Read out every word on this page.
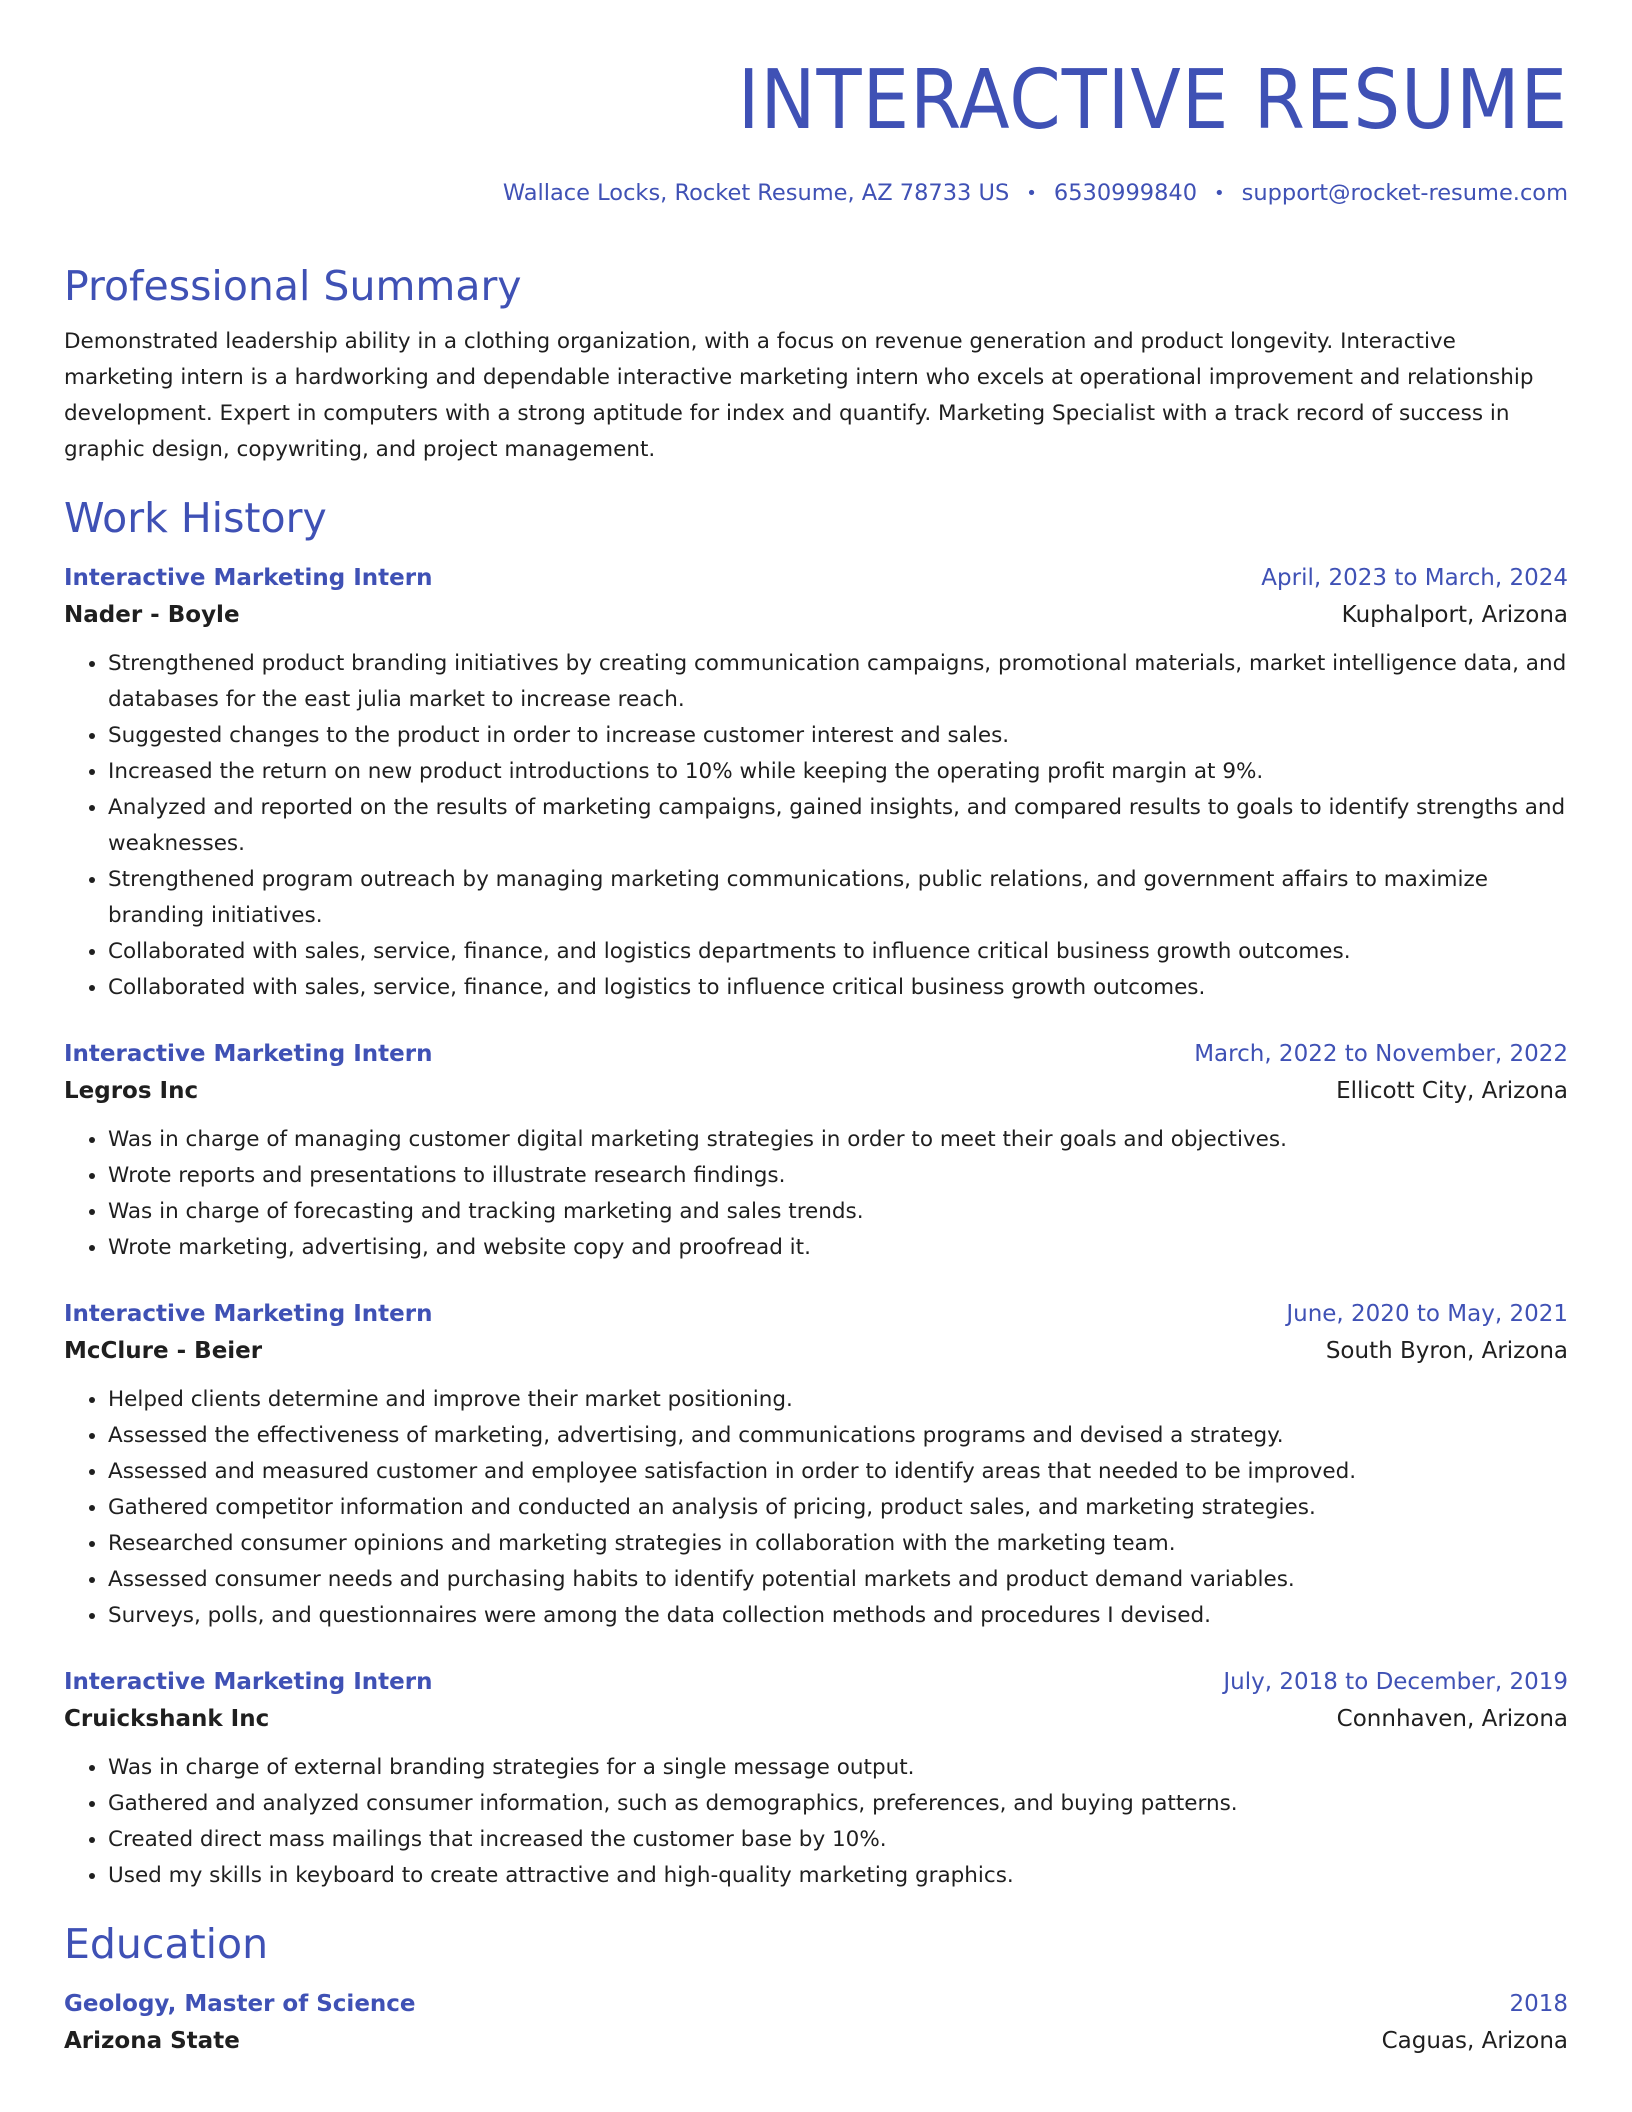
INTERACTIVE RESUME
Wallace Locks, Rocket Resume, AZ 78733 US • 6530999840 • support@rocket-resume.com
Professional Summary

Demonstrated leadership ability in a clothing organization, with a focus on revenue generation and product longevity. Interactive marketing intern is a hardworking and dependable interactive marketing intern who excels at operational improvement and relationship development. Expert in computers with a strong aptitude for index and quantify. Marketing Specialist with a track record of success in graphic design, copywriting, and project management.

Work History
Interactive Marketing Intern	April, 2023 to March, 2024
Nader - Boyle	Kuphalport, Arizona
• Strengthened product branding initiatives by creating communication campaigns, promotional materials, market intelligence data, and databases for the east julia market to increase reach.
• Suggested changes to the product in order to increase customer interest and sales.
• Increased the return on new product introductions to 10% while keeping the operating profit margin at 9%.
• Analyzed and reported on the results of marketing campaigns, gained insights, and compared results to goals to identify strengths and weaknesses.
• Strengthened program outreach by managing marketing communications, public relations, and government affairs to maximize branding initiatives.
• Collaborated with sales, service, finance, and logistics departments to influence critical business growth outcomes.
• Collaborated with sales, service, finance, and logistics to influence critical business growth outcomes.
Interactive Marketing Intern	March, 2022 to November, 2022
Legros Inc	Ellicott City, Arizona
• Was in charge of managing customer digital marketing strategies in order to meet their goals and objectives.
• Wrote reports and presentations to illustrate research findings.
• Was in charge of forecasting and tracking marketing and sales trends.
• Wrote marketing, advertising, and website copy and proofread it.
Interactive Marketing Intern	June, 2020 to May, 2021
McClure - Beier	South Byron, Arizona
• Helped clients determine and improve their market positioning.
• Assessed the effectiveness of marketing, advertising, and communications programs and devised a strategy.
• Assessed and measured customer and employee satisfaction in order to identify areas that needed to be improved.
• Gathered competitor information and conducted an analysis of pricing, product sales, and marketing strategies.
• Researched consumer opinions and marketing strategies in collaboration with the marketing team.
• Assessed consumer needs and purchasing habits to identify potential markets and product demand variables.
• Surveys, polls, and questionnaires were among the data collection methods and procedures I devised.
Interactive Marketing Intern	July, 2018 to December, 2019
Cruickshank Inc	Connhaven, Arizona
• Was in charge of external branding strategies for a single message output.
• Gathered and analyzed consumer information, such as demographics, preferences, and buying patterns.
• Created direct mass mailings that increased the customer base by 10%.
• Used my skills in keyboard to create attractive and high-quality marketing graphics.
Education
Geology, Master of Science	2018
Arizona State	Caguas, Arizona
